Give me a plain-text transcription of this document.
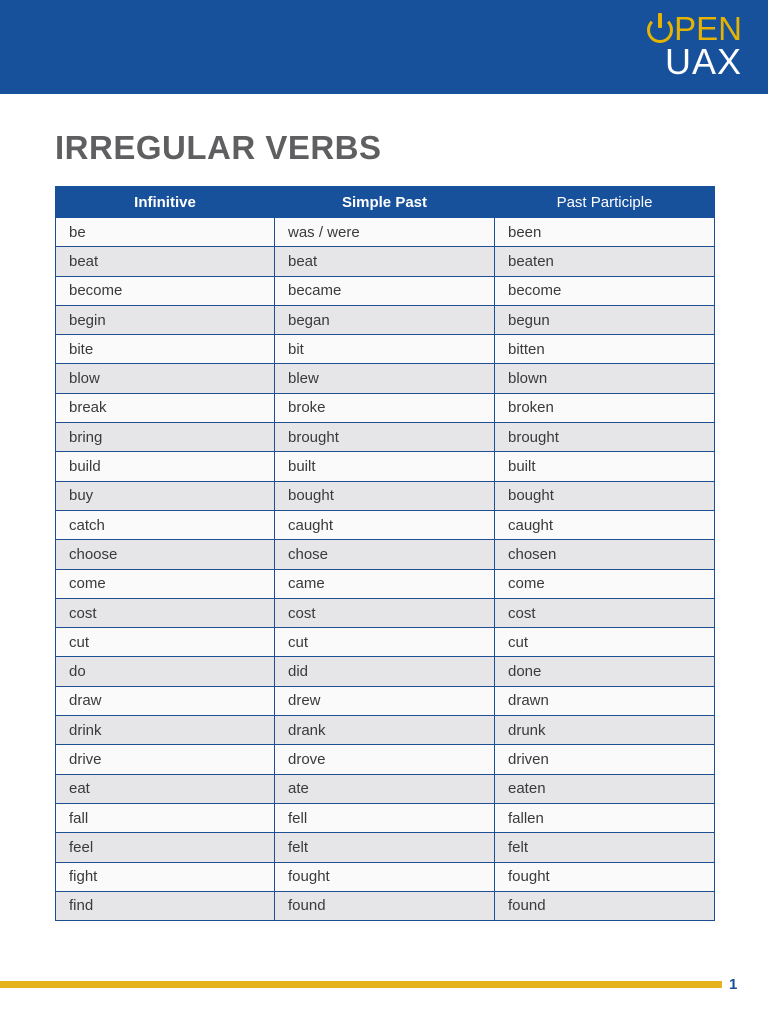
PEN
UAX
IRREGULAR VERBS
Infinitive	Simple Past	Past Participle
be	was / were	been
beat	beat	beaten
become	became	become
begin	began	begun
bite	bit	bitten
blow	blew	blown
break	broke	broken
bring	brought	brought
build	built	built
buy	bought	bought
catch	caught	caught
choose	chose	chosen
come	came	come
cost	cost	cost
cut	cut	cut
do	did	done
draw	drew	drawn
drink	drank	drunk
drive	drove	driven
eat	ate	eaten
fall	fell	fallen
feel	felt	felt
fight	fought	fought
find	found	found
1
